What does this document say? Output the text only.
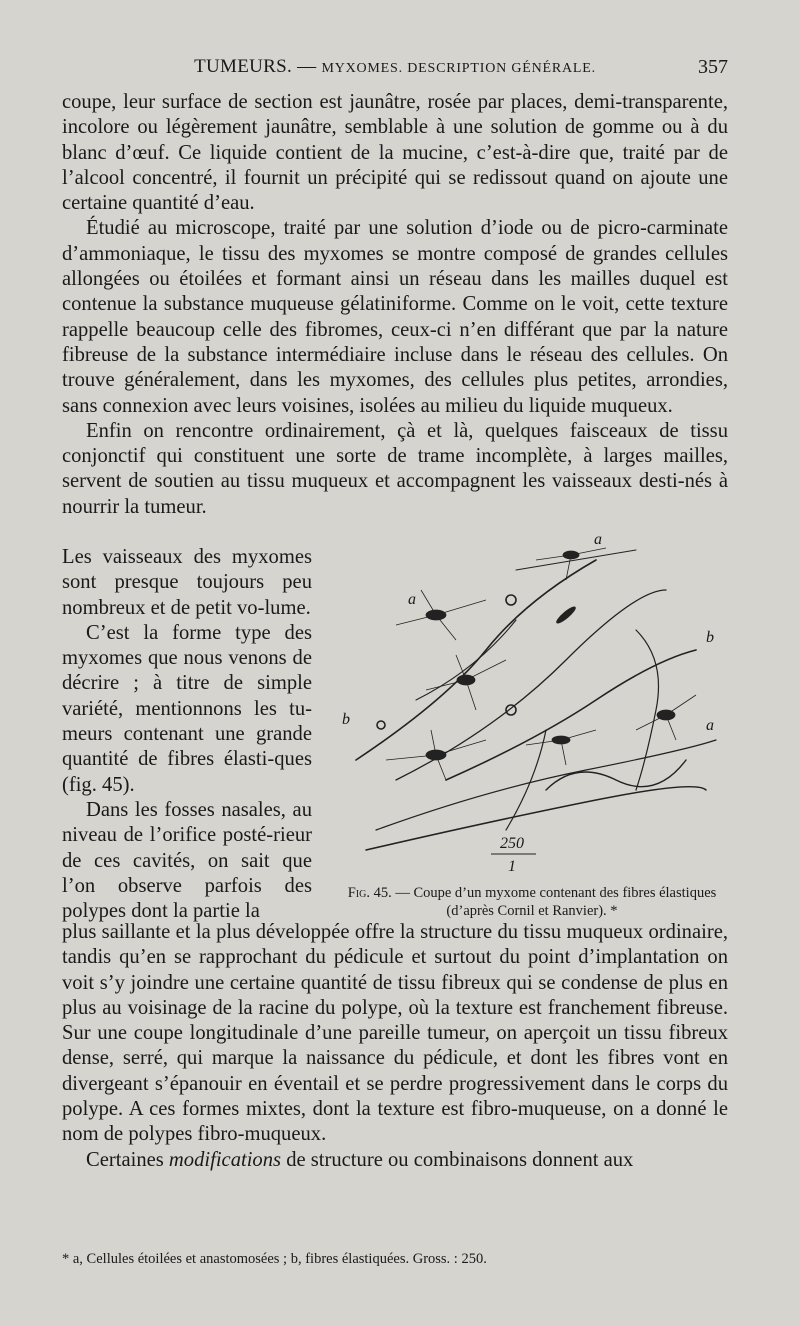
TUMEURS. — MYXOMES. DESCRIPTION GÉNÉRALE.	357

coupe, leur surface de section est jaunâtre, rosée par places, demi-transparente, incolore ou légèrement jaunâtre, semblable à une solution de gomme ou à du blanc d’œuf. Ce liquide contient de la mucine, c’est-à-dire que, traité par de l’alcool concentré, il fournit un précipité qui se redissout quand on ajoute une certaine quantité d’eau.

Étudié au microscope, traité par une solution d’iode ou de picro-carminate d’ammoniaque, le tissu des myxomes se montre composé de grandes cellules allongées ou étoilées et formant ainsi un réseau dans les mailles duquel est contenue la substance muqueuse gélatiniforme. Comme on le voit, cette texture rappelle beaucoup celle des fibromes, ceux-ci n’en différant que par la nature fibreuse de la substance intermédiaire incluse dans le réseau des cellules. On trouve généralement, dans les myxomes, des cellules plus petites, arrondies, sans connexion avec leurs voisines, isolées au milieu du liquide muqueux.

Enfin on rencontre ordinairement, çà et là, quelques faisceaux de tissu conjonctif qui constituent une sorte de trame incomplète, à larges mailles, servent de soutien au tissu muqueux et accompagnent les vaisseaux desti-nés à nourrir la tumeur.

Les vaisseaux des myxomes sont presque toujours peu nombreux et de petit vo-lume.

C’est la forme type des myxomes que nous venons de décrire ; à titre de simple variété, mentionnons les tu-meurs contenant une grande quantité de fibres élasti-ques (fig. 45).

Dans les fosses nasales, au niveau de l’orifice posté-rieur de ces cavités, on sait que l’on observe parfois des polypes dont la partie la

a
a
a
b
b
250
1
Fig. 45. — Coupe d’un myxome contenant des fibres élastiques (d’après Cornil et Ranvier). *

plus saillante et la plus développée offre la structure du tissu muqueux ordinaire, tandis qu’en se rapprochant du pédicule et surtout du point d’implantation on voit s’y joindre une certaine quantité de tissu fibreux qui se condense de plus en plus au voisinage de la racine du polype, où la texture est franchement fibreuse. Sur une coupe longitudinale d’une pareille tumeur, on aperçoit un tissu fibreux dense, serré, qui marque la naissance du pédicule, et dont les fibres vont en divergeant s’épanouir en éventail et se perdre progressivement dans le corps du polype. A ces formes mixtes, dont la texture est fibro-muqueuse, on a donné le nom de polypes fibro-muqueux.

Certaines modifications de structure ou combinaisons donnent aux

* a, Cellules étoilées et anastomosées ; b, fibres élastiquées. Gross. : 250.
